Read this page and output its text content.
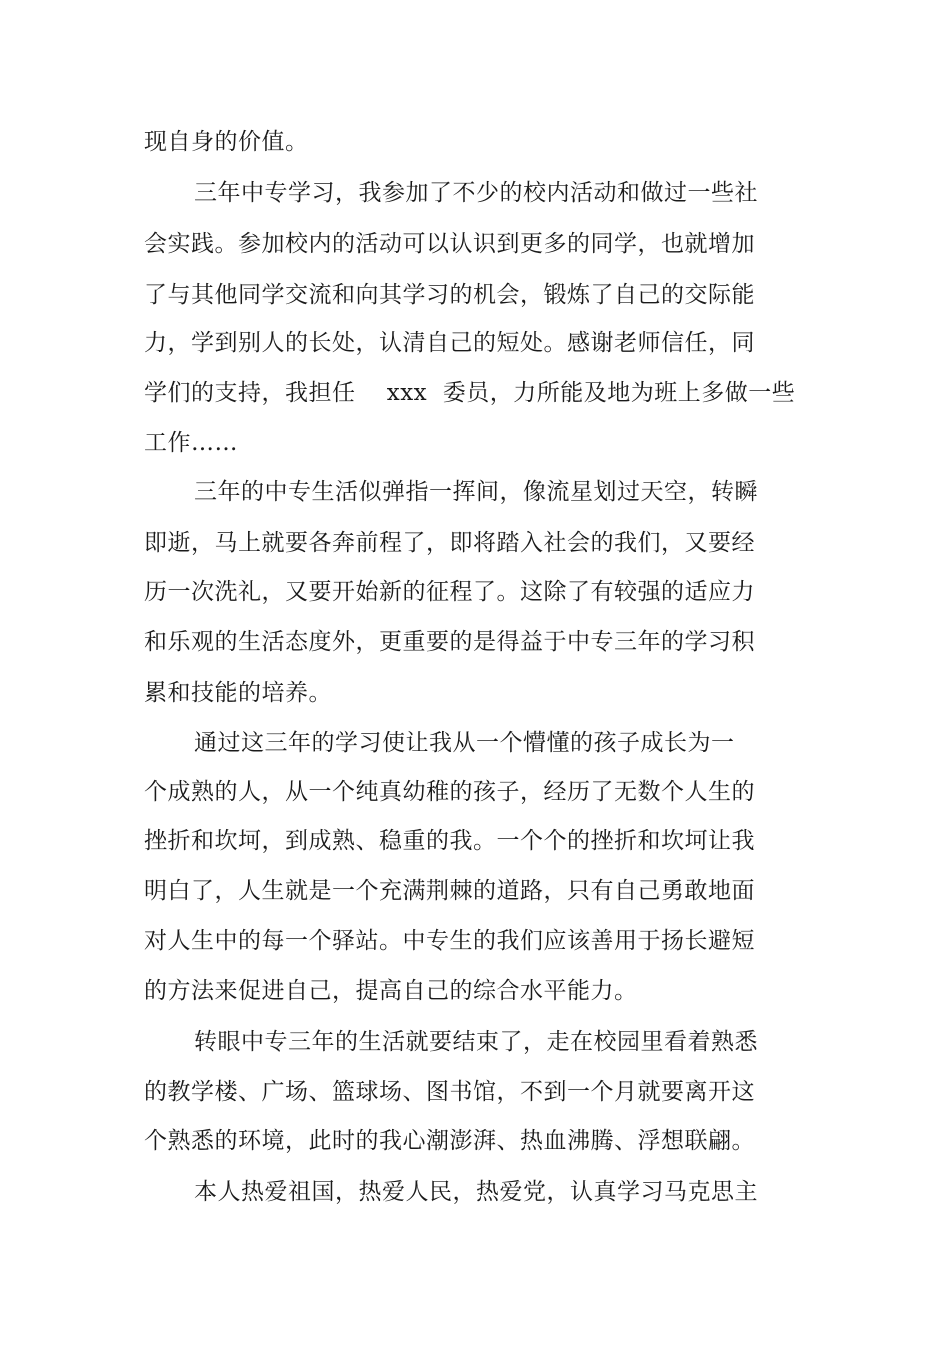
现自身的价值。
三年中专学习，我参加了不少的校内活动和做过一些社
会实践。参加校内的活动可以认识到更多的同学，也就增加
了与其他同学交流和向其学习的机会，锻炼了自己的交际能
力，学到别人的长处，认清自己的短处。感谢老师信任，同
学们的支持，我担任    xxx  委员，力所能及地为班上多做一些
工作……
三年的中专生活似弹指一挥间，像流星划过天空，转瞬
即逝，马上就要各奔前程了，即将踏入社会的我们，又要经
历一次洗礼，又要开始新的征程了。这除了有较强的适应力
和乐观的生活态度外，更重要的是得益于中专三年的学习积
累和技能的培养。
通过这三年的学习使让我从一个懵懂的孩子成长为一
个成熟的人，从一个纯真幼稚的孩子，经历了无数个人生的
挫折和坎坷，到成熟、稳重的我。一个个的挫折和坎坷让我
明白了，人生就是一个充满荆棘的道路，只有自己勇敢地面
对人生中的每一个驿站。中专生的我们应该善用于扬长避短
的方法来促进自己，提高自己的综合水平能力。
转眼中专三年的生活就要结束了，走在校园里看着熟悉
的教学楼、广场、篮球场、图书馆，不到一个月就要离开这
个熟悉的环境，此时的我心潮澎湃、热血沸腾、浮想联翩。
本人热爱祖国，热爱人民，热爱党，认真学习马克思主
